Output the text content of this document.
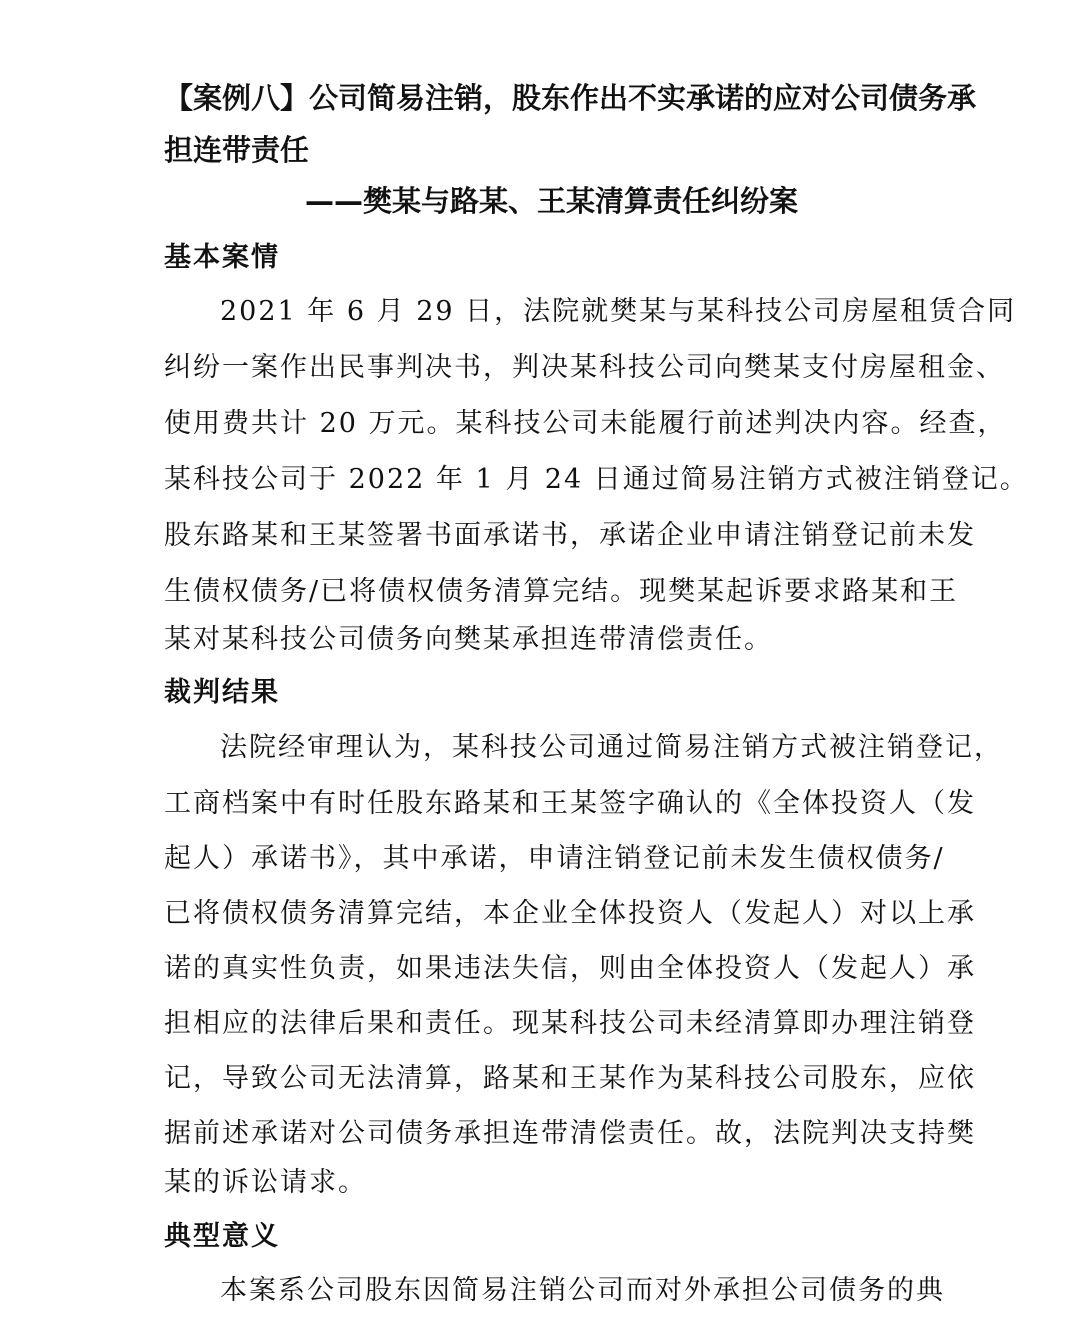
【案例八】公司简易注销，股东作出不实承诺的应对公司债务承
担连带责任
——樊某与路某、王某清算责任纠纷案
基本案情
2021 年 6 月 29 日，法院就樊某与某科技公司房屋租赁合同
纠纷一案作出民事判决书，判决某科技公司向樊某支付房屋租金、
使用费共计 20 万元。某科技公司未能履行前述判决内容。经查，
某科技公司于 2022 年 1 月 24 日通过简易注销方式被注销登记。
股东路某和王某签署书面承诺书，承诺企业申请注销登记前未发
生债权债务/已将债权债务清算完结。现樊某起诉要求路某和王
某对某科技公司债务向樊某承担连带清偿责任。
裁判结果
法院经审理认为，某科技公司通过简易注销方式被注销登记，
工商档案中有时任股东路某和王某签字确认的《全体投资人（发
起人）承诺书》，其中承诺，申请注销登记前未发生债权债务/
已将债权债务清算完结，本企业全体投资人（发起人）对以上承
诺的真实性负责，如果违法失信，则由全体投资人（发起人）承
担相应的法律后果和责任。现某科技公司未经清算即办理注销登
记，导致公司无法清算，路某和王某作为某科技公司股东，应依
据前述承诺对公司债务承担连带清偿责任。故，法院判决支持樊
某的诉讼请求。
典型意义
本案系公司股东因简易注销公司而对外承担公司债务的典
